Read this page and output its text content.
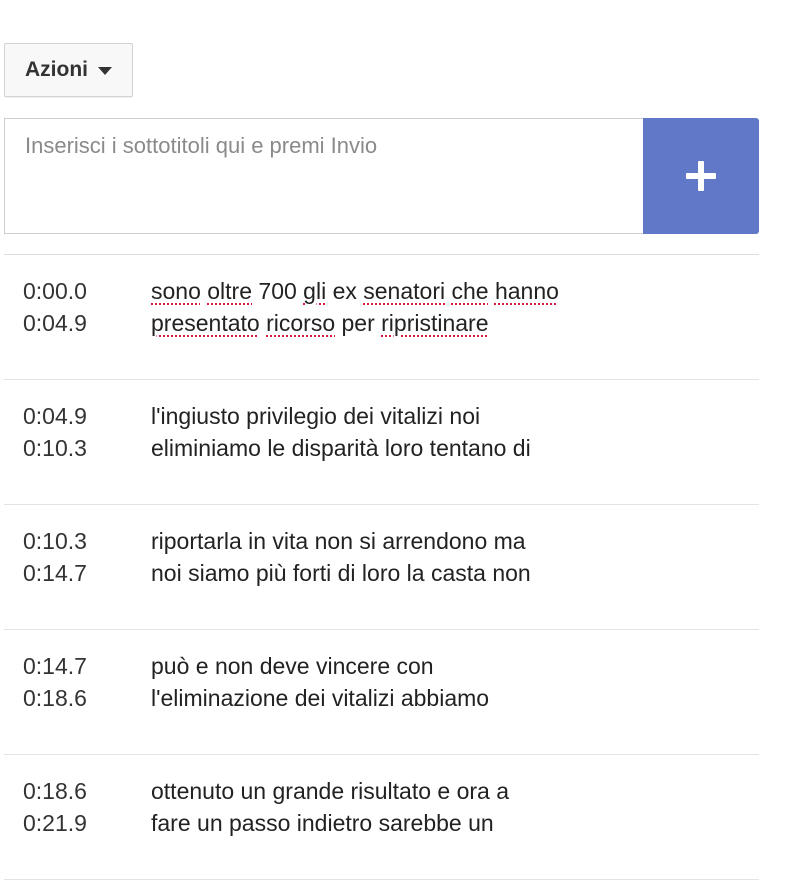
Azioni
Inserisci i sottotitoli qui e premi Invio
0:00.0
0:04.9
sono oltre 700 gli ex senatori che hanno
presentato ricorso per ripristinare
0:04.9
0:10.3
l'ingiusto privilegio dei vitalizi noi
eliminiamo le disparità loro tentano di
0:10.3
0:14.7
riportarla in vita non si arrendono ma
noi siamo più forti di loro la casta non
0:14.7
0:18.6
può e non deve vincere con
l'eliminazione dei vitalizi abbiamo
0:18.6
0:21.9
ottenuto un grande risultato e ora a
fare un passo indietro sarebbe un
